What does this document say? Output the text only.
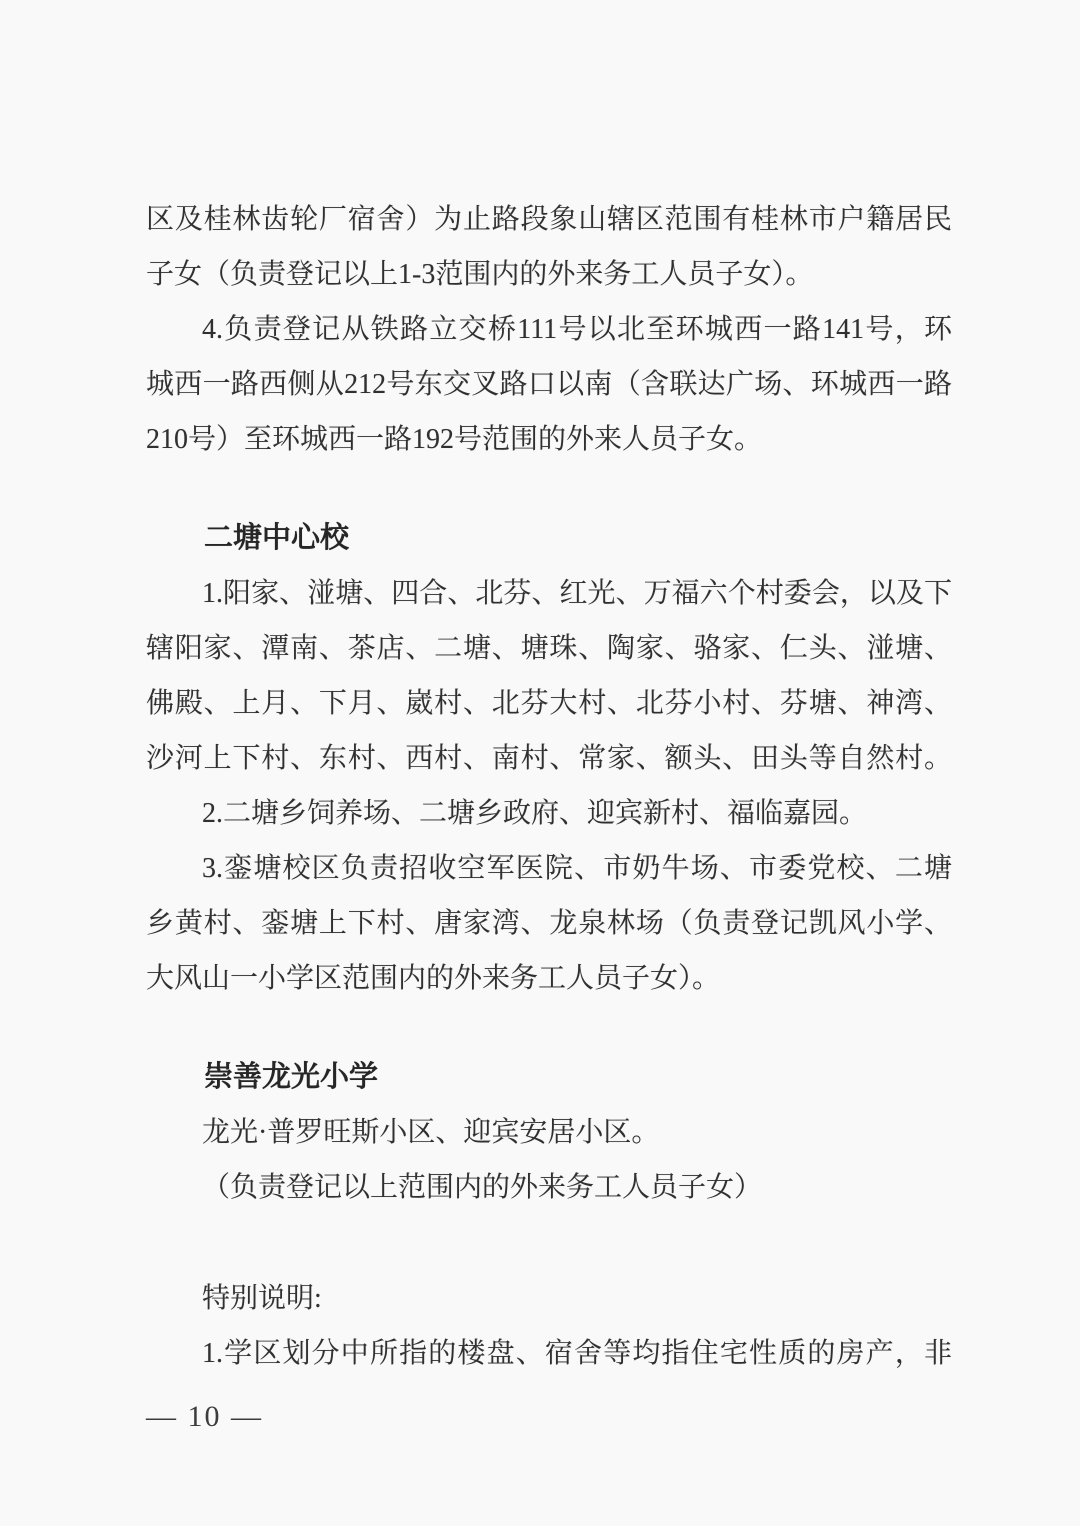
区及桂林齿轮厂宿舍）为止路段象山辖区范围有桂林市户籍居民
子女（负责登记以上1-3范围内的外来务工人员子女）。
4.负责登记从铁路立交桥111号以北至环城西一路141号，环
城西一路西侧从212号东交叉路口以南（含联达广场、环城西一路
210号）至环城西一路192号范围的外来人员子女。
二塘中心校
1.阳家、湴塘、四合、北芬、红光、万福六个村委会，以及下
辖阳家、潭南、茶店、二塘、塘珠、陶家、骆家、仁头、湴塘、
佛殿、上月、下月、崴村、北芬大村、北芬小村、芬塘、神湾、
沙河上下村、东村、西村、南村、常家、额头、田头等自然村。
2.二塘乡饲养场、二塘乡政府、迎宾新村、福临嘉园。
3.銮塘校区负责招收空军医院、市奶牛场、市委党校、二塘
乡黄村、銮塘上下村、唐家湾、龙泉林场（负责登记凯风小学、
大风山一小学区范围内的外来务工人员子女）。
崇善龙光小学
龙光·普罗旺斯小区、迎宾安居小区。
（负责登记以上范围内的外来务工人员子女）
特别说明:
1.学区划分中所指的楼盘、宿舍等均指住宅性质的房产，非
— 10 —
